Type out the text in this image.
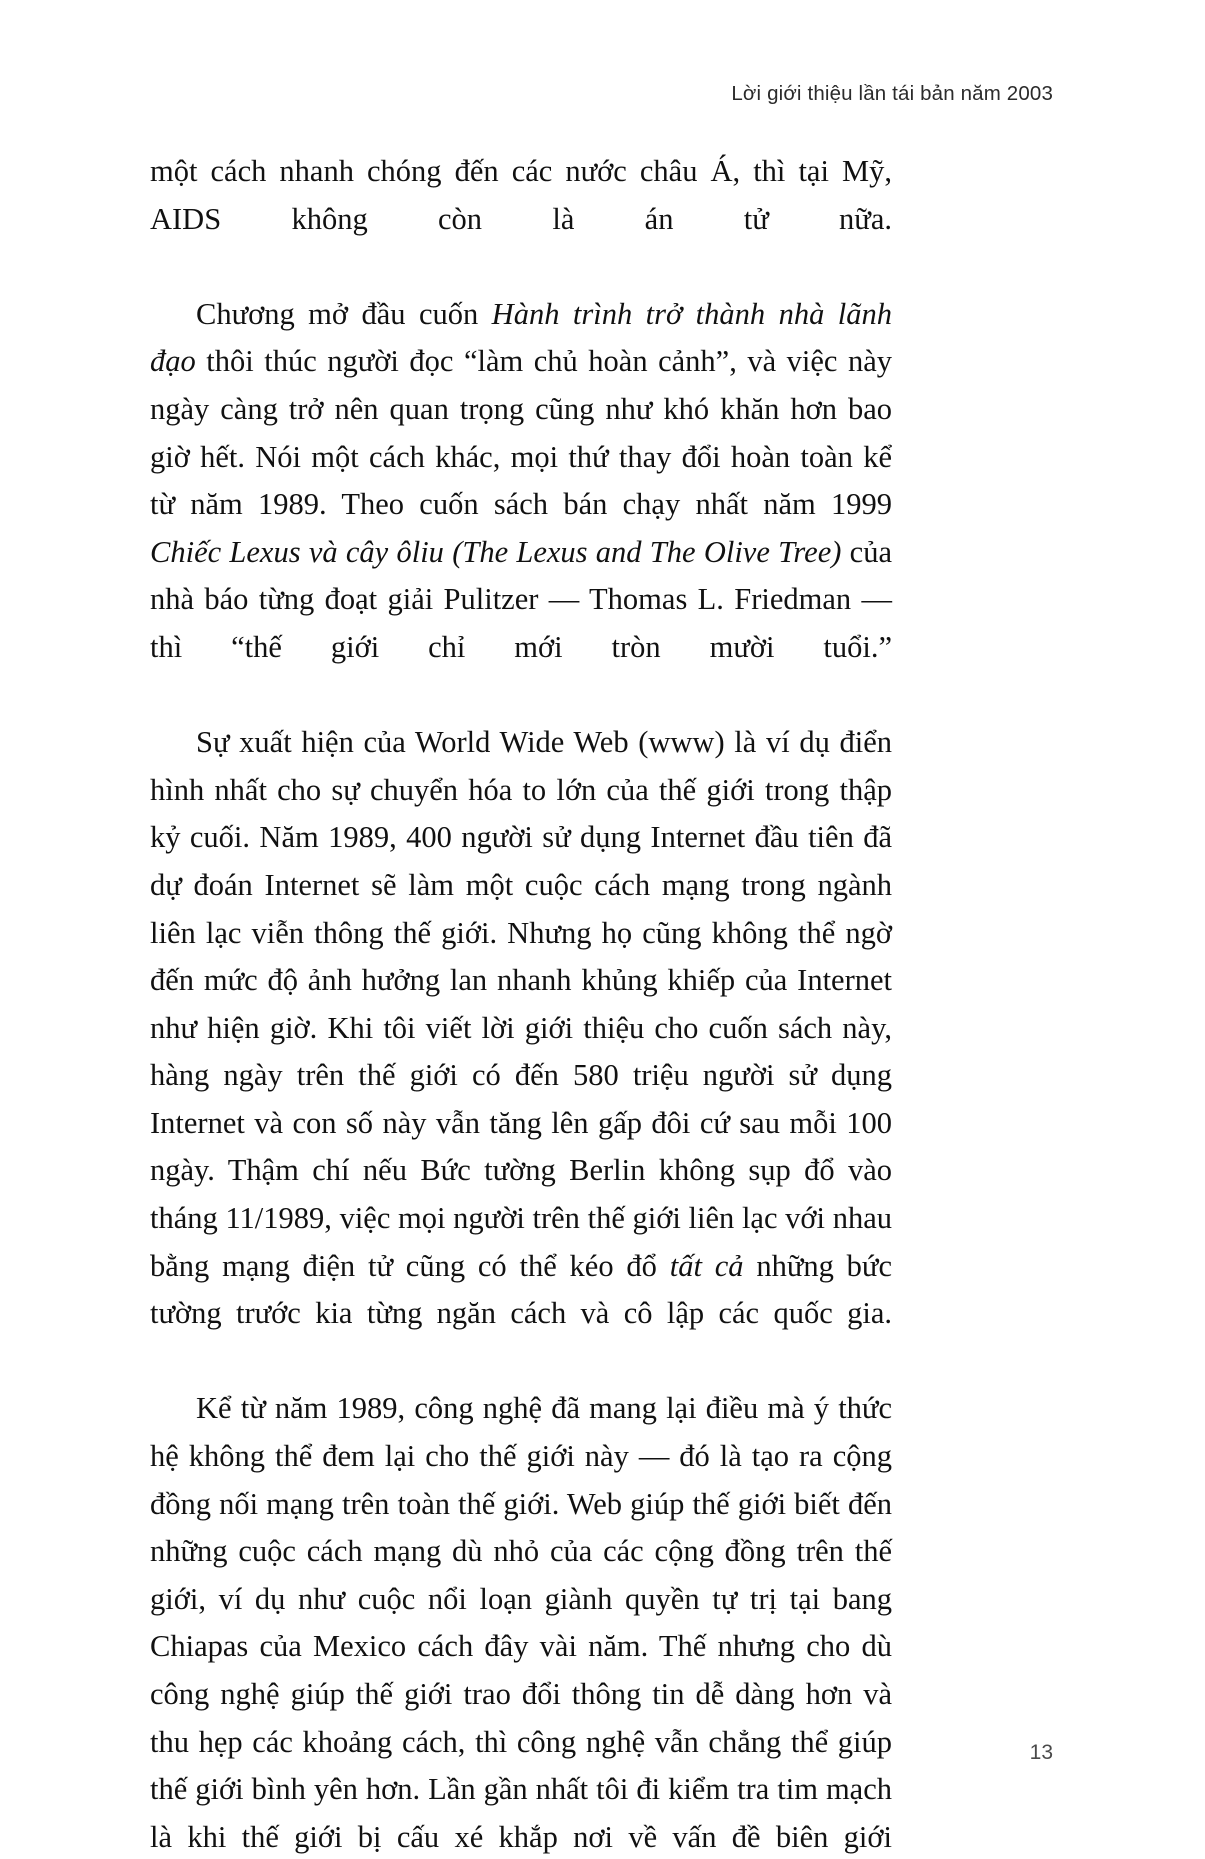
Lời giới thiệu lần tái bản năm 2003

một cách nhanh chóng đến các nước châu Á, thì tại Mỹ, AIDS không còn là án tử nữa.

Chương mở đầu cuốn Hành trình trở thành nhà lãnh đạo thôi thúc người đọc “làm chủ hoàn cảnh”, và việc này ngày càng trở nên quan trọng cũng như khó khăn hơn bao giờ hết. Nói một cách khác, mọi thứ thay đổi hoàn toàn kể từ năm 1989. Theo cuốn sách bán chạy nhất năm 1999 Chiếc Lexus và cây ôliu (The Lexus and The Olive Tree) của nhà báo từng đoạt giải Pulitzer — Thomas L. Friedman — thì “thế giới chỉ mới tròn mười tuổi.”

Sự xuất hiện của World Wide Web (www) là ví dụ điển hình nhất cho sự chuyển hóa to lớn của thế giới trong thập kỷ cuối. Năm 1989, 400 người sử dụng Internet đầu tiên đã dự đoán Internet sẽ làm một cuộc cách mạng trong ngành liên lạc viễn thông thế giới. Nhưng họ cũng không thể ngờ đến mức độ ảnh hưởng lan nhanh khủng khiếp của Internet như hiện giờ. Khi tôi viết lời giới thiệu cho cuốn sách này, hàng ngày trên thế giới có đến 580 triệu người sử dụng Internet và con số này vẫn tăng lên gấp đôi cứ sau mỗi 100 ngày. Thậm chí nếu Bức tường Berlin không sụp đổ vào tháng 11/1989, việc mọi người trên thế giới liên lạc với nhau bằng mạng điện tử cũng có thể kéo đổ tất cả những bức tường trước kia từng ngăn cách và cô lập các quốc gia.

Kể từ năm 1989, công nghệ đã mang lại điều mà ý thức hệ không thể đem lại cho thế giới này — đó là tạo ra cộng đồng nối mạng trên toàn thế giới. Web giúp thế giới biết đến những cuộc cách mạng dù nhỏ của các cộng đồng trên thế giới, ví dụ như cuộc nổi loạn giành quyền tự trị tại bang Chiapas của Mexico cách đây vài năm. Thế nhưng cho dù công nghệ giúp thế giới trao đổi thông tin dễ dàng hơn và thu hẹp các khoảng cách, thì công nghệ vẫn chẳng thể giúp thế giới bình yên hơn. Lần gần nhất tôi đi kiểm tra tim mạch là khi thế giới bị cấu xé khắp nơi về vấn đề biên giới

13
